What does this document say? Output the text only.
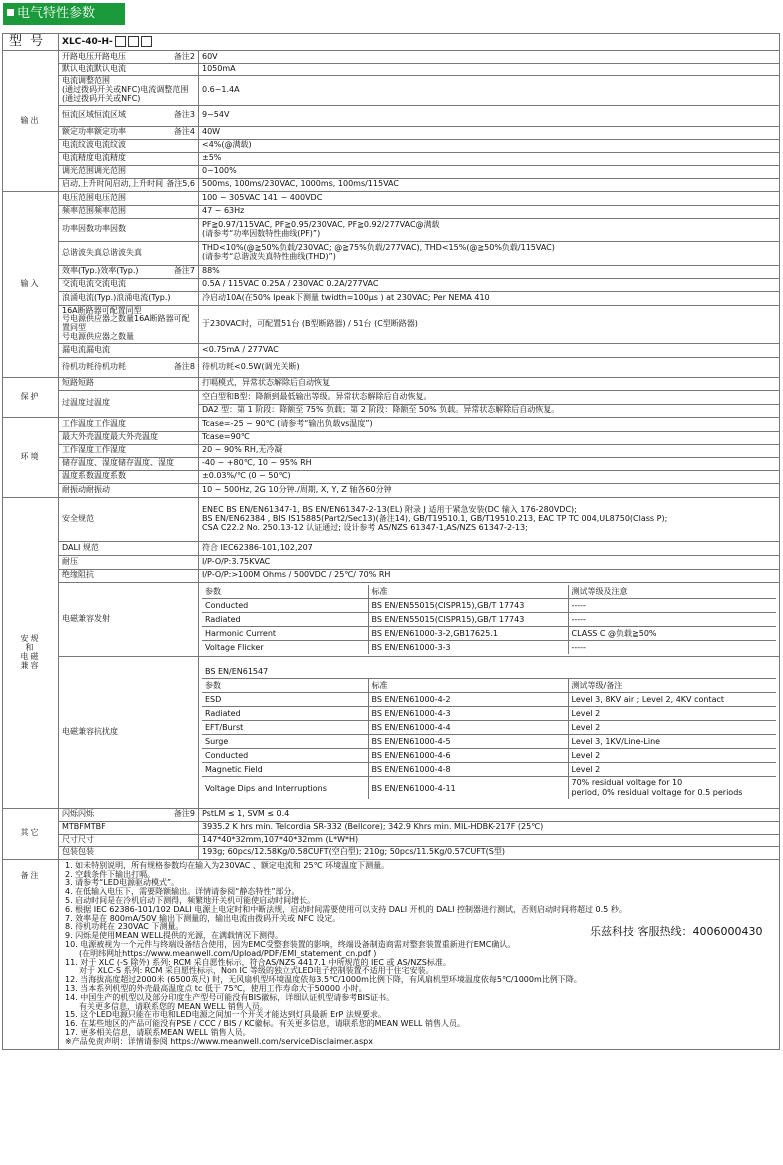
电气特性参数
型 号	XLC-40-H-
输出	开路电压开路电压	备注2	60V
默认电流默认电流	1050mA
电流调整范围
(通过拨码开关或NFC)电流调整范围
(通过拨码开关或NFC)	0.6~1.4A
恒流区域恒流区域	备注3	9~54V
额定功率额定功率	备注4	40W
电流纹波电流纹波	<4%(@满载)
电流精度电流精度	±5%
调光范围调光范围	0~100%
启动,上升时间启动,上升时间 备注5,6	500ms, 100ms/230VAC, 1000ms, 100ms/115VAC
输入	电压范围电压范围	100 ~ 305VAC 141 ~ 400VDC
频率范围频率范围	47 ~ 63Hz
功率因数功率因数	PF≧0.97/115VAC, PF≧0.95/230VAC, PF≧0.92/277VAC@满载
(请参考“功率因数特性曲线(PF)”)
总谐波失真总谐波失真	THD<10%(@≧50%负载/230VAC; @≧75%负载/277VAC), THD<15%(@≧50%负载/115VAC)
(请参考“总谐波失真特性曲线(THD)”)
效率(Typ.)效率(Typ.)	备注7	88%
交流电流交流电流	0.5A / 115VAC 0.25A / 230VAC 0.2A/277VAC
浪涌电流(Typ.)浪涌电流(Typ.)	冷启动10A(在50% Ipeak下测量 twidth=100μs ) at 230VAC; Per NEMA 410
16A断路器可配置同型
号电源供应器之数量16A断路器可配置同型
号电源供应器之数量	于230VAC时，可配置51台 (B型断路器) / 51台 (C型断路器)
漏电流漏电流	<0.75mA / 277VAC
待机功耗待机功耗	备注8	待机功耗<0.5W(调光关断)
保护	短路短路	打嗝模式，异常状态解除后自动恢复
过温度过温度	空白型和B型：降额到最低输出等级。异常状态解除后自动恢复。
DA2 型：第 1 阶段：降额至 75% 负载；第 2 阶段：降额至 50% 负载。异常状态解除后自动恢复。
环境	工作温度工作温度	Tcase=-25 ~ 90℃ (请参考“输出负载vs温度”)
最大外壳温度最大外壳温度	Tcase=90℃
工作湿度工作湿度	20 ~ 90% RH,无冷凝
储存温度、湿度储存温度、湿度	-40 ~ +80℃, 10 ~ 95% RH
温度系数温度系数	±0.03%/℃ (0 ~ 50℃)
耐振动耐振动	10 ~ 500Hz, 2G 10分钟./周期, X, Y, Z 轴各60分钟
安规
和
电磁
兼容	安全规范	ENEC BS EN/EN61347-1, BS EN/EN61347-2-13(EL) 附录 J 适用于紧急安装(DC 输入 176-280VDC);
BS EN/EN62384 , BIS IS15885(Part2/Sec13)(备注14), GB/T19510.1, GB/T19510.213, EAC TP TC 004,UL8750(Class P);
CSA C22.2 No. 250.13-12 认证通过; 设计参考 AS/NZS 61347-1,AS/NZS 61347-2-13;
DALI 规范	符合 IEC62386-101,102,207
耐压	I/P-O/P:3.75KVAC
绝缘阻抗	I/P-O/P:>100M Ohms / 500VDC / 25℃/ 70% RH
电磁兼容发射	
参数	标准	测试等级及注意
Conducted	BS EN/EN55015(CISPR15),GB/T 17743	-----
Radiated	BS EN/EN55015(CISPR15),GB/T 17743	-----
Harmonic Current	BS EN/EN61000-3-2,GB17625.1	CLASS C @负载≧50%
Voltage Flicker	BS EN/EN61000-3-3	-----

电磁兼容抗扰度	
BS EN/EN61547
参数	标准	测试等级/备注
ESD	BS EN/EN61000-4-2	Level 3, 8KV air ; Level 2, 4KV contact
Radiated	BS EN/EN61000-4-3	Level 2
EFT/Burst	BS EN/EN61000-4-4	Level 2
Surge	BS EN/EN61000-4-5	Level 3, 1KV/Line-Line
Conducted	BS EN/EN61000-4-6	Level 2
Magnetic Field	BS EN/EN61000-4-8	Level 2
Voltage Dips and Interruptions	BS EN/EN61000-4-11	70% residual voltage for 10
period, 0% residual voltage for 0.5 periods

其它	闪烁闪烁	备注9	PstLM ≤ 1, SVM ≤ 0.4
MTBFMTBF	3935.2 K hrs min. Telcordia SR-332 (Bellcore); 342.9 Khrs min. MIL-HDBK-217F (25℃)
尺寸尺寸	147*40*32mm,107*40*32mm (L*W*H)
包装包装	193g; 60pcs/12.58Kg/0.58CUFT(空白型); 210g; 50pcs/11.5Kg/0.57CUFT(S型)
备注	
1. 如未特别说明，所有规格参数均在输入为230VAC 、额定电流和 25℃ 环境温度下测量。
2. 空载条件下输出打嗝。
3. 请参考“LED电源驱动模式”。
4. 在低输入电压下，需要降额输出。详情请参阅“静态特性”部分。
5. 启动时间是在冷机启动下测得，频繁地开关机可能使启动时间增长。
6. 根据 IEC 62386-101/102 DALI 电源上电定时和中断法规，启动时间需要使用可以支持 DALI 开机的 DALI 控制器进行测试，否则启动时间将超过 0.5 秒。
7. 效率是在 800mA/50V 输出下测量的，输出电流由拨码开关或 NFC 设定。
8. 待机功耗在 230VAC 下测量。
9. 闪烁是使用MEAN WELL提供的光源，在满载情况下测得。
10. 电源被视为一个元件与终端设备结合使用，因为EMC受整套装置的影响，终端设备制造商需对整套装置重新进行EMC确认。
(在明纬网址https://www.meanwell.com/Upload/PDF/EMI_statement_cn.pdf )
11. 对于 XLC (-S 除外) 系列: RCM 采自愿性标示，符合AS/NZS 4417.1 中所规范的 IEC 或 AS/NZS标准。
对于 XLC-S 系列: RCM 采自愿性标示，Non IC 等级的独立式LED电子控制装置不适用于住宅安装。
12. 当海拔高度超过2000米 (6500英尺) 时，无风扇机型环境温度依每3.5℃/1000m比例下降，有风扇机型环境温度依每5℃/1000m比例下降。
13. 当本系列机型的外壳最高温度点 tc 低于 75℃，使用工作寿命大于50000 小时。
14. 中国生产的机型以及部分印度生产型号可能没有BIS徽标，详细认证机型请参考BIS证书。
有关更多信息，请联系您的 MEAN WELL 销售人员。
15. 这个LED电源只能在市电和LED电源之间加一个开关才能达到灯具最新 ErP 法规要求。
16. 在某些地区的产品可能没有PSE / CCC / BIS / KC徽标。有关更多信息，请联系您的MEAN WELL 销售人员。
17. 更多相关信息，请联系MEAN WELL 销售人员。
※产品免责声明：详情请参阅 https://www.meanwell.com/serviceDisclaimer.aspx
乐兹科技 客服热线：4006000430
